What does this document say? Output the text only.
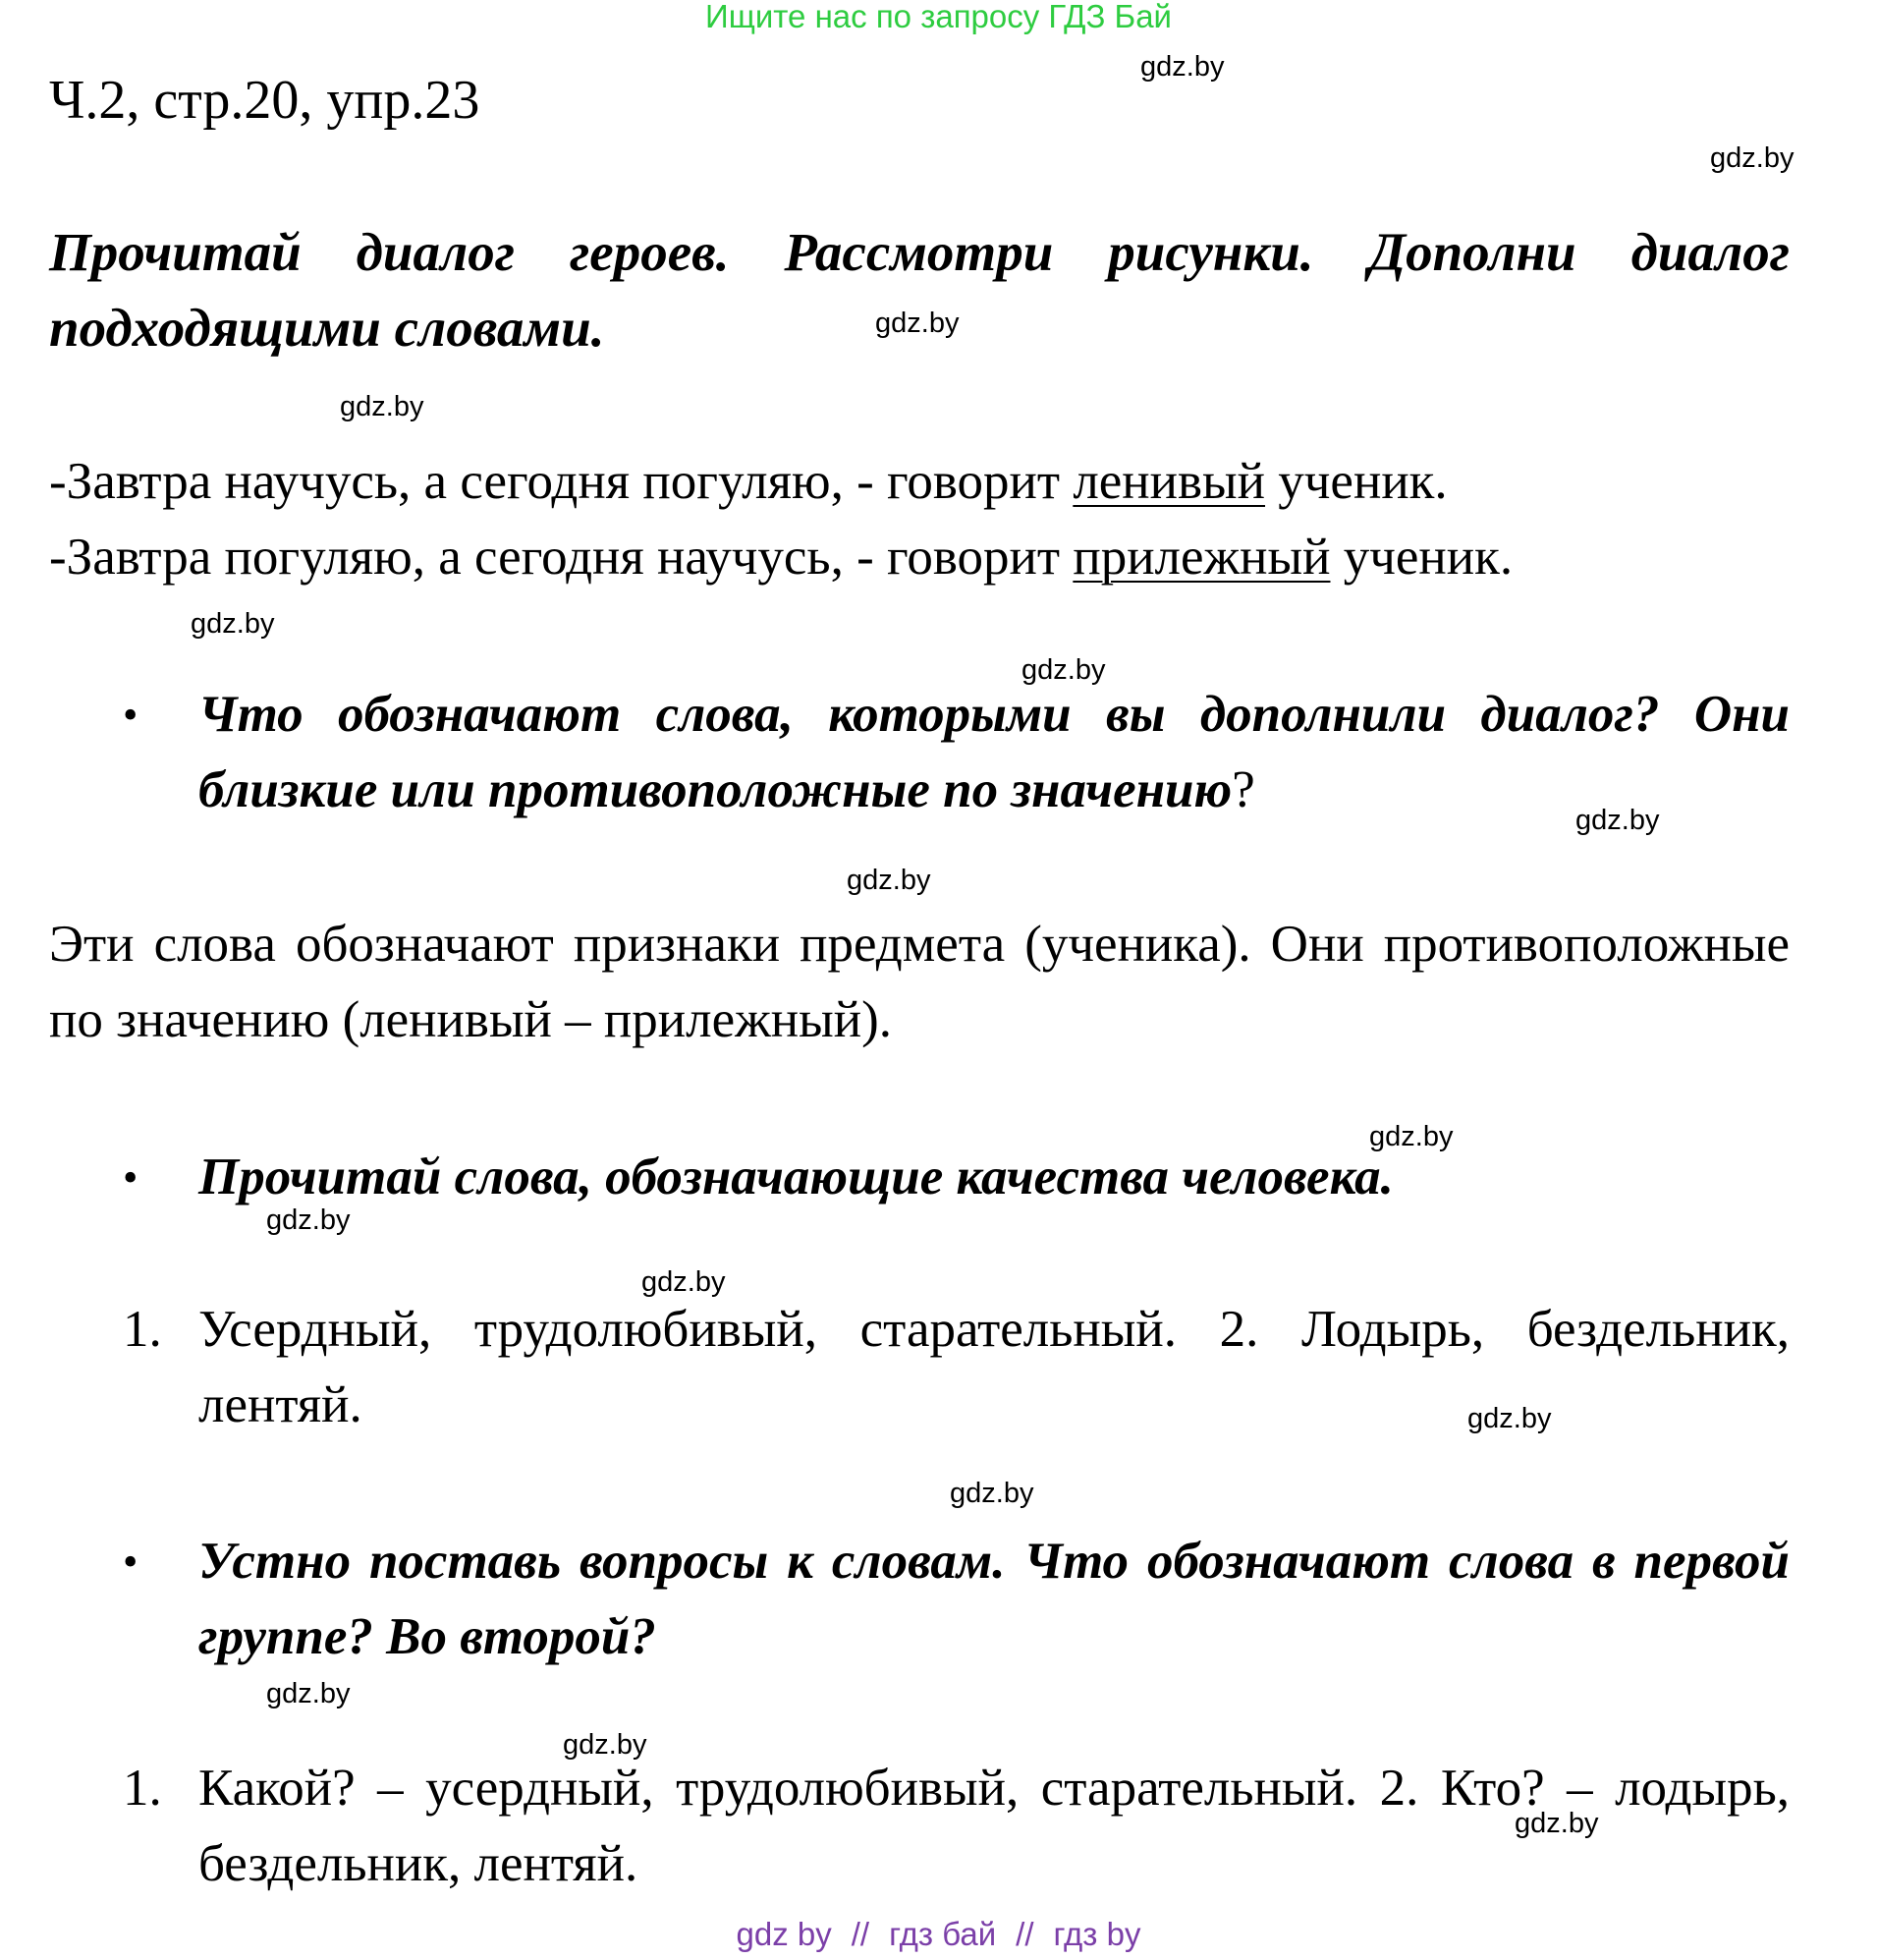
Ищите нас по запросу ГДЗ Бай
Ч.2, стр.20, упр.23
gdz.by
gdz.by
gdz.by
gdz.by
gdz.by
gdz.by
gdz.by
gdz.by
gdz.by
gdz.by
gdz.by
gdz.by
gdz.by
gdz.by
gdz.by
gdz.by
Прочитай диалог героев. Рассмотри рисунки. Дополни диалог подходящими словами.
-Завтра научусь, а сегодня погуляю, - говорит ленивый ученик.
-Завтра погуляю, а сегодня научусь, - говорит прилежный ученик.
• Что обозначают слова, которыми вы дополнили диалог? Они близкие или противоположные по значению?
Эти слова обозначают признаки предмета (ученика). Они противоположные по значению (ленивый – прилежный).
• Прочитай слова, обозначающие качества человека.
1. Усердный, трудолюбивый, старательный. 2. Лодырь, бездельник, лентяй.
• Устно поставь вопросы к словам. Что обозначают слова в первой группе? Во второй?
1. Какой? – усердный, трудолюбивый, старательный. 2. Кто? – лодырь, бездельник, лентяй.
gdz by // гдз бай // гдз by
